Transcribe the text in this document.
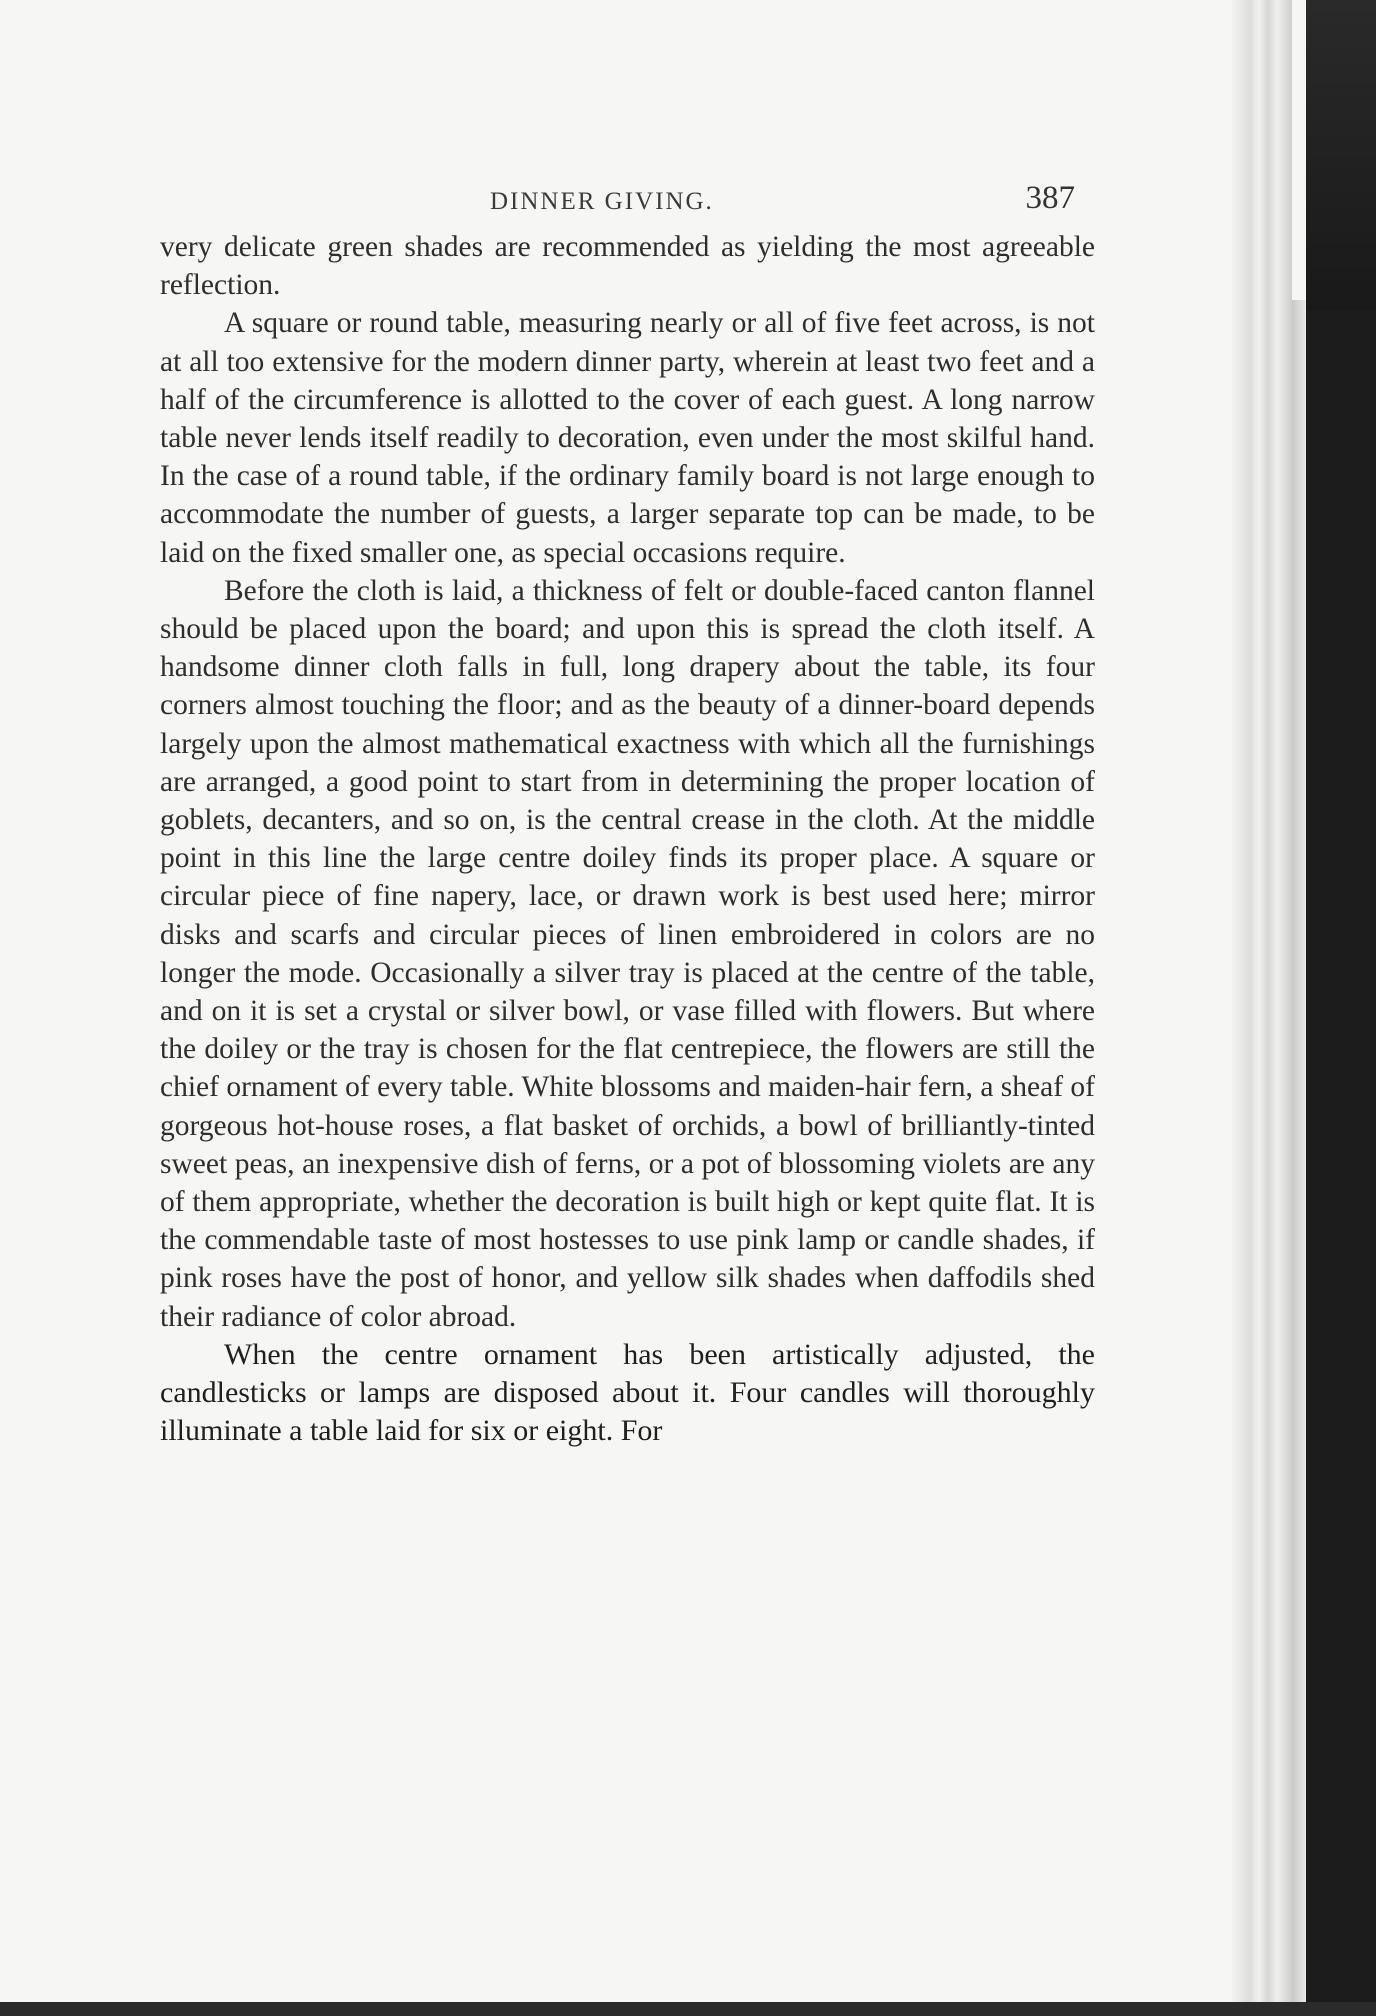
DINNER GIVING.	387

very delicate green shades are recommended as yielding the most agreeable reflection.

A square or round table, measuring nearly or all of five feet across, is not at all too extensive for the modern dinner party, wherein at least two feet and a half of the circumference is allotted to the cover of each guest. A long narrow table never lends itself readily to decoration, even under the most skilful hand. In the case of a round table, if the ordinary family board is not large enough to accommodate the number of guests, a larger separate top can be made, to be laid on the fixed smaller one, as special occasions require.

Before the cloth is laid, a thickness of felt or double-faced canton flannel should be placed upon the board; and upon this is spread the cloth itself. A handsome dinner cloth falls in full, long drapery about the table, its four corners almost touching the floor; and as the beauty of a dinner-board depends largely upon the almost mathematical exactness with which all the furnishings are arranged, a good point to start from in determining the proper location of goblets, decanters, and so on, is the central crease in the cloth. At the middle point in this line the large centre doiley finds its proper place. A square or circular piece of fine napery, lace, or drawn work is best used here; mirror disks and scarfs and circular pieces of linen embroidered in colors are no longer the mode. Occasionally a silver tray is placed at the centre of the table, and on it is set a crystal or silver bowl, or vase filled with flowers. But where the doiley or the tray is chosen for the flat centrepiece, the flowers are still the chief ornament of every table. White blossoms and maiden-hair fern, a sheaf of gorgeous hot-house roses, a flat basket of orchids, a bowl of brilliantly-tinted sweet peas, an inexpensive dish of ferns, or a pot of blossoming violets are any of them appropriate, whether the decoration is built high or kept quite flat. It is the commendable taste of most hostesses to use pink lamp or candle shades, if pink roses have the post of honor, and yellow silk shades when daffodils shed their radiance of color abroad.

When the centre ornament has been artistically adjusted, the candlesticks or lamps are disposed about it. Four candles will thoroughly illuminate a table laid for six or eight. For
